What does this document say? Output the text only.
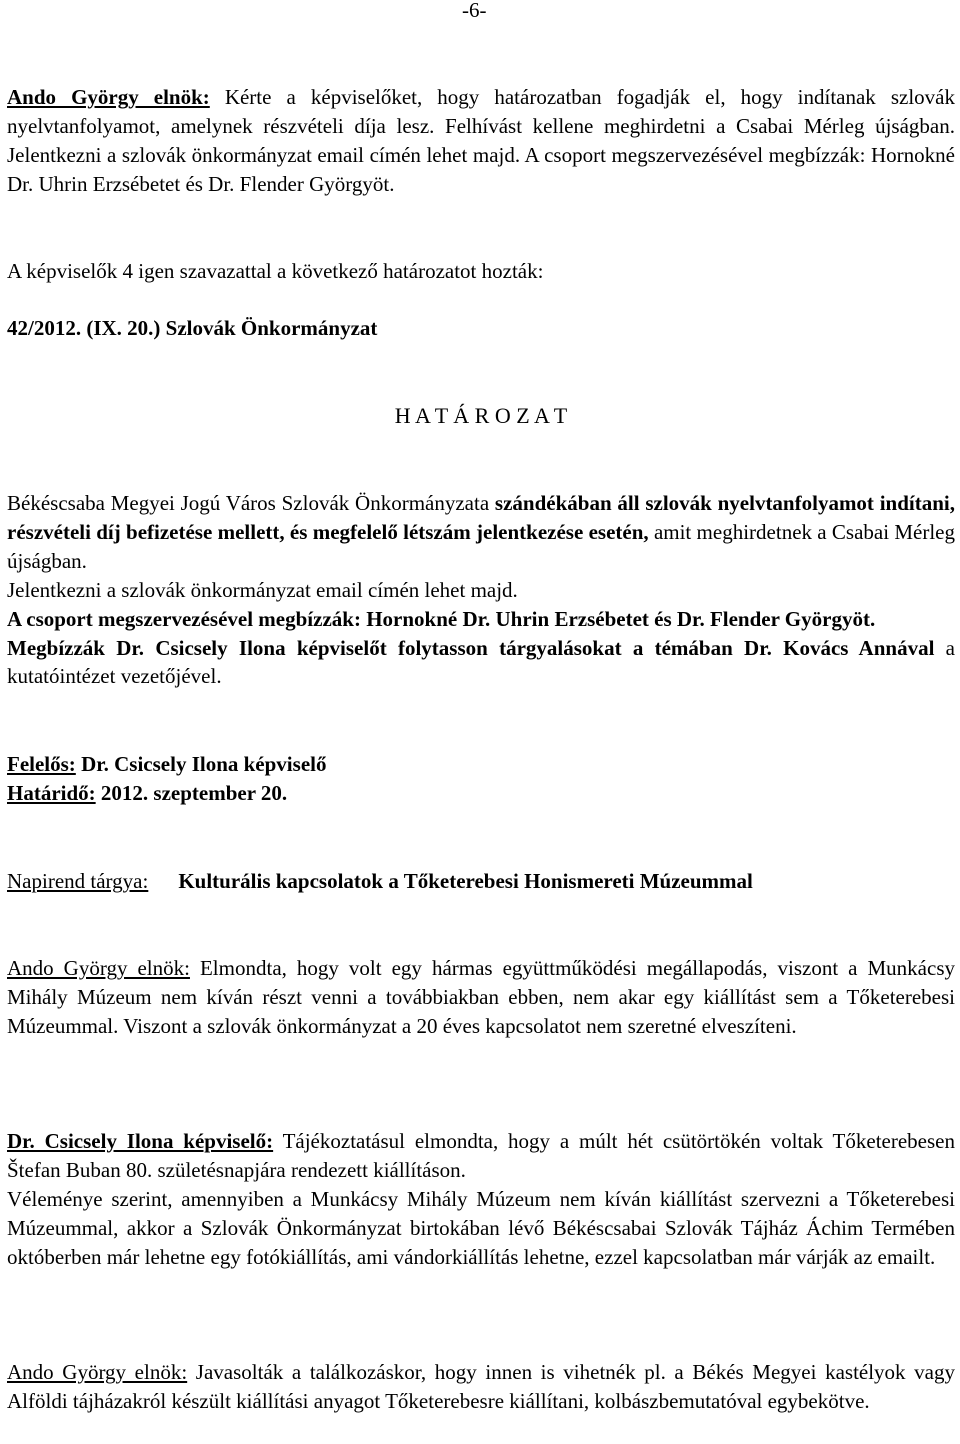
-6-

Ando György elnök: Kérte a képviselőket, hogy határozatban fogadják el, hogy indítanak szlovák nyelvtanfolyamot, amelynek részvételi díja lesz. Felhívást kellene meghirdetni a Csabai Mérleg újságban. Jelentkezni a szlovák önkormányzat email címén lehet majd. A csoport megszervezésével megbízzák: Hornokné Dr. Uhrin Erzsébetet és Dr. Flender Györgyöt.

A képviselők 4 igen szavazattal a következő határozatot hozták:

42/2012. (IX. 20.) Szlovák Önkormányzat

H A T Á R O Z A T

Békéscsaba Megyei Jogú Város Szlovák Önkormányzata szándékában áll szlovák nyelvtanfolyamot indítani, részvételi díj befizetése mellett, és megfelelő létszám jelentkezése esetén, amit meghirdetnek a Csabai Mérleg újságban.

Jelentkezni a szlovák önkormányzat email címén lehet majd.

A csoport megszervezésével megbízzák: Hornokné Dr. Uhrin Erzsébetet és Dr. Flender Györgyöt.

Megbízzák Dr. Csicsely Ilona képviselőt folytasson tárgyalásokat a témában Dr. Kovács Annával a kutatóintézet vezetőjével.

Felelős: Dr. Csicsely Ilona képviselő
Határidő: 2012. szeptember 20.
Napirend tárgya: Kulturális kapcsolatok a Tőketerebesi Honismereti Múzeummal

Ando György elnök: Elmondta, hogy volt egy hármas együttműködési megállapodás, viszont a Munkácsy Mihály Múzeum nem kíván részt venni a továbbiakban ebben, nem akar egy kiállítást sem a Tőketerebesi Múzeummal. Viszont a szlovák önkormányzat a 20 éves kapcsolatot nem szeretné elveszíteni.

Dr. Csicsely Ilona képviselő: Tájékoztatásul elmondta, hogy a múlt hét csütörtökén voltak Tőketerebesen Štefan Buban 80. születésnapjára rendezett kiállításon.

Véleménye szerint, amennyiben a Munkácsy Mihály Múzeum nem kíván kiállítást szervezni a Tőketerebesi Múzeummal, akkor a Szlovák Önkormányzat birtokában lévő Békéscsabai Szlovák Tájház Áchim Termében októberben már lehetne egy fotókiállítás, ami vándorkiállítás lehetne, ezzel kapcsolatban már várják az emailt.

Ando György elnök: Javasolták a találkozáskor, hogy innen is vihetnék pl. a Békés Megyei kastélyok vagy Alföldi tájházakról készült kiállítási anyagot Tőketerebesre kiállítani, kolbászbemutatóval egybekötve.
